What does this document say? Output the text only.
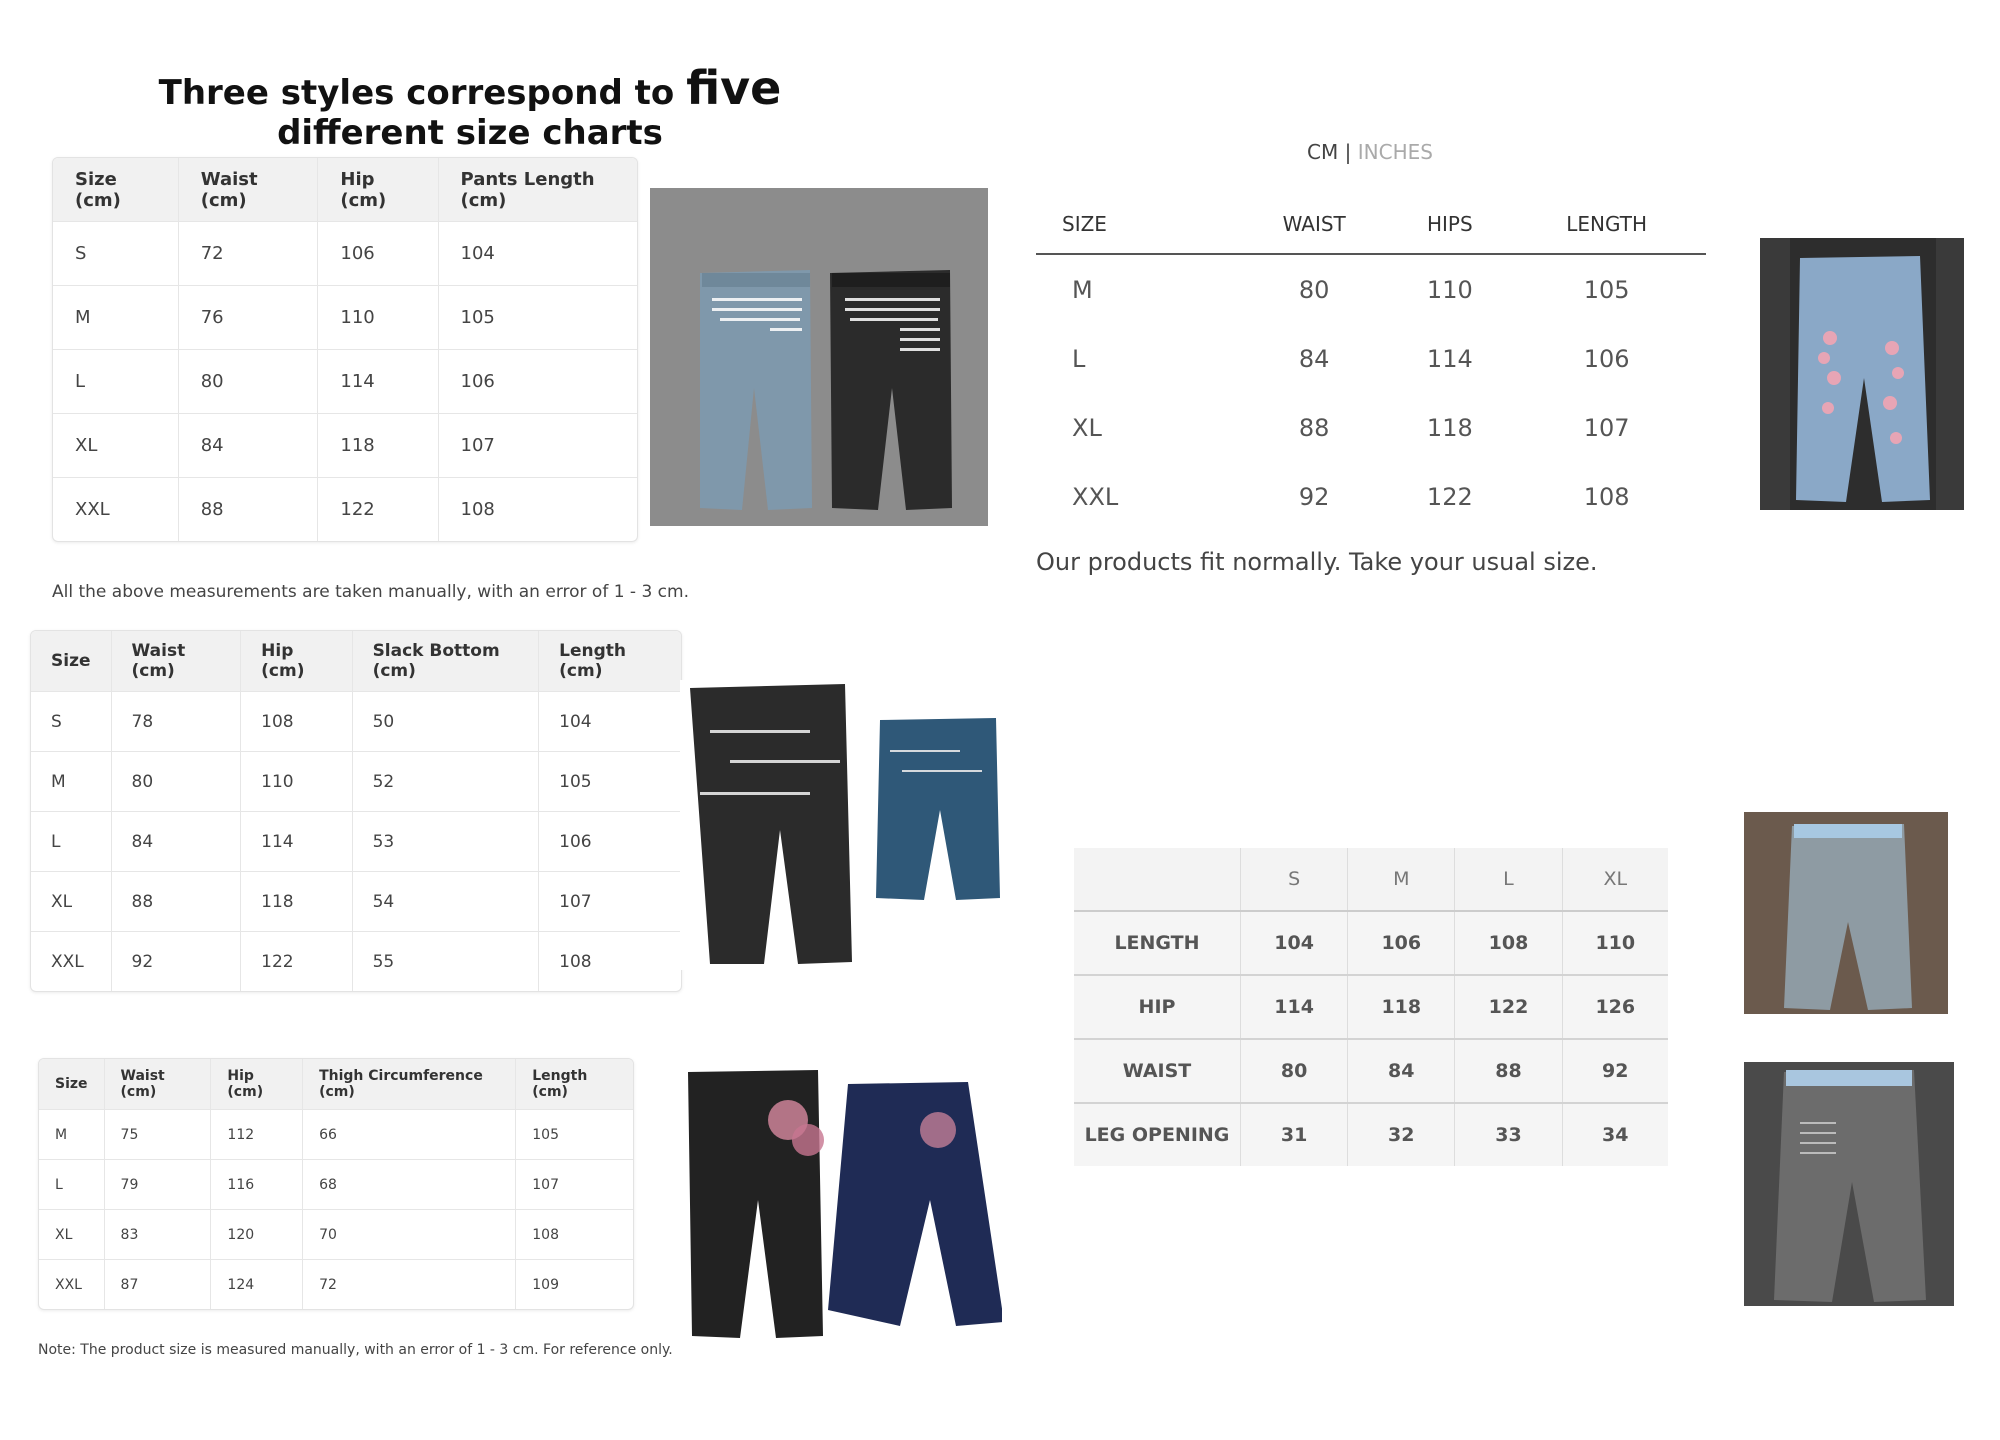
Three styles correspond to five
different size charts
Size (cm)	Waist (cm)	Hip (cm)	Pants Length (cm)
S	72	106	104
M	76	110	105
L	80	114	106
XL	84	118	107
XXL	88	122	108
All the above measurements are taken manually, with an error of 1 - 3 cm.
Size	Waist (cm)	Hip (cm)	Slack Bottom (cm)	Length (cm)
S	78	108	50	104
M	80	110	52	105
L	84	114	53	106
XL	88	118	54	107
XXL	92	122	55	108
Size	Waist (cm)	Hip (cm)	Thigh Circumference (cm)	Length (cm)
M	75	112	66	105
L	79	116	68	107
XL	83	120	70	108
XXL	87	124	72	109
Note: The product size is measured manually, with an error of 1 - 3 cm. For reference only.
CM | INCHES
SIZE	WAIST	HIPS	LENGTH
M	80	110	105
L	84	114	106
XL	88	118	107
XXL	92	122	108
Our products fit normally. Take your usual size.
	S	M	L	XL
LENGTH	104	106	108	110
HIP	114	118	122	126
WAIST	80	84	88	92
LEG OPENING	31	32	33	34
